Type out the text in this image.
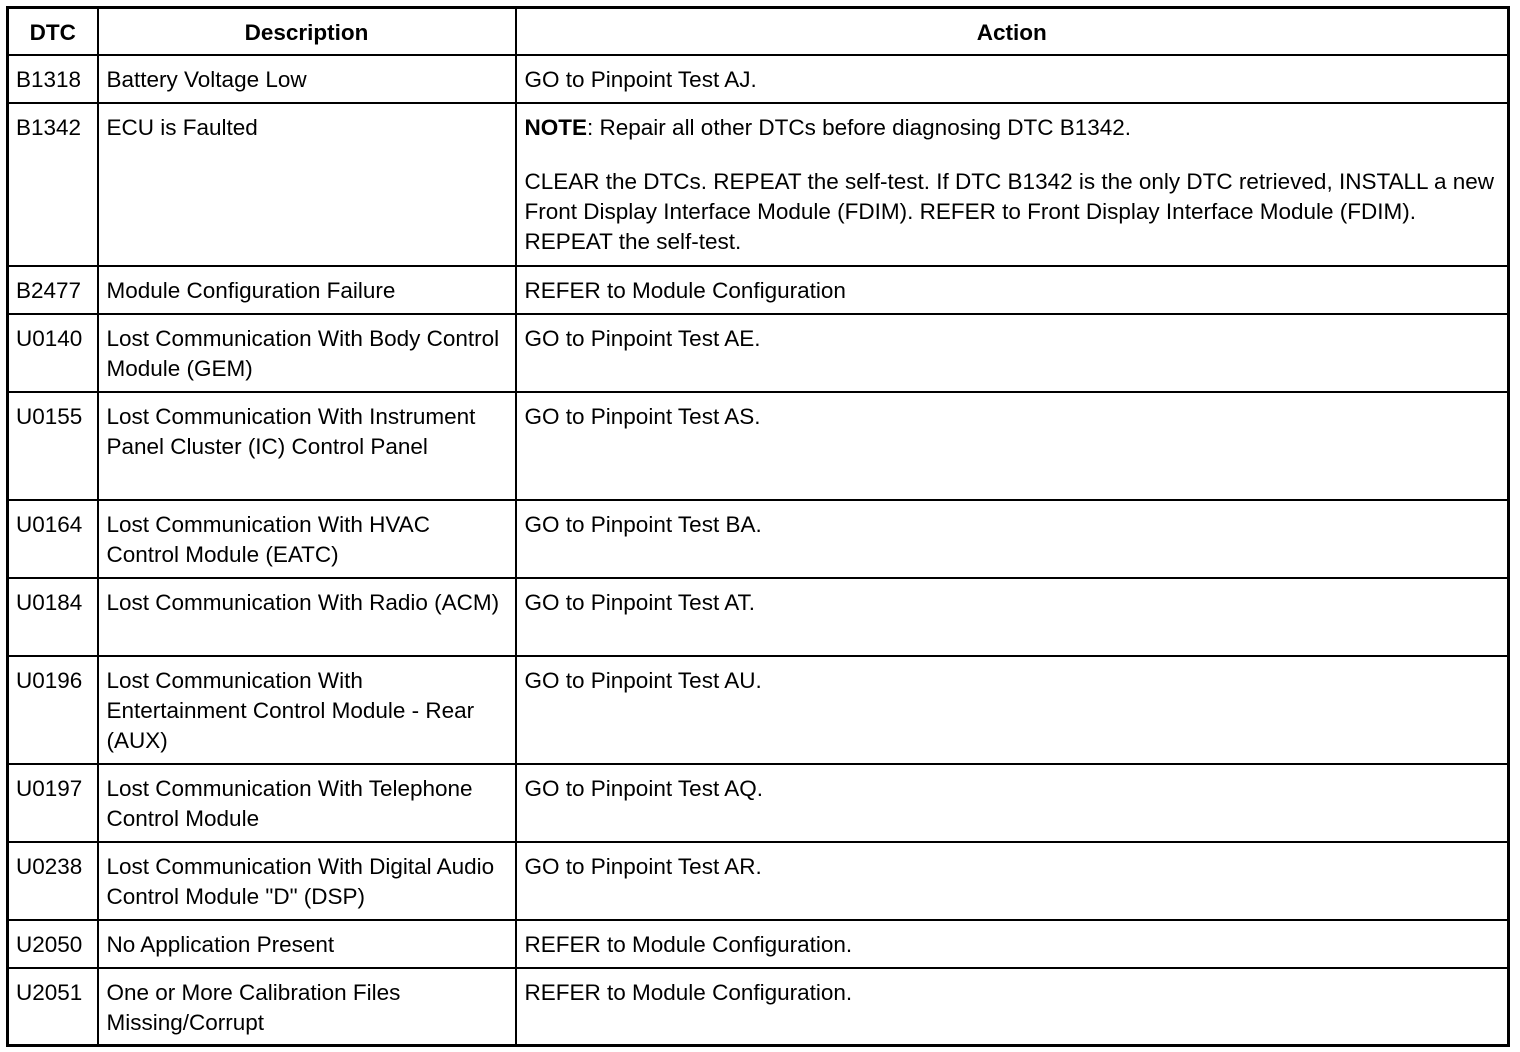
DTC	Description	Action
B1318	Battery Voltage Low	GO to Pinpoint Test AJ.
B1342	ECU is Faulted	NOTE: Repair all other DTCs before diagnosing DTC B1342.
CLEAR the DTCs. REPEAT the self-test. If DTC B1342 is the only DTC retrieved, INSTALL a new Front Display Interface Module (FDIM). REFER to Front Display Interface Module (FDIM). REPEAT the self-test.

B2477	Module Configuration Failure	REFER to Module Configuration
U0140	Lost Communication With Body Control Module (GEM)	GO to Pinpoint Test AE.
U0155	Lost Communication With Instrument Panel Cluster (IC) Control Panel	GO to Pinpoint Test AS.
U0164	Lost Communication With HVAC Control Module (EATC)	GO to Pinpoint Test BA.
U0184	Lost Communication With Radio (ACM)	GO to Pinpoint Test AT.
U0196	Lost Communication With Entertainment Control Module - Rear (AUX)	GO to Pinpoint Test AU.
U0197	Lost Communication With Telephone Control Module	GO to Pinpoint Test AQ.
U0238	Lost Communication With Digital Audio Control Module "D" (DSP)	GO to Pinpoint Test AR.
U2050	No Application Present	REFER to Module Configuration.
U2051	One or More Calibration Files Missing/Corrupt	REFER to Module Configuration.
